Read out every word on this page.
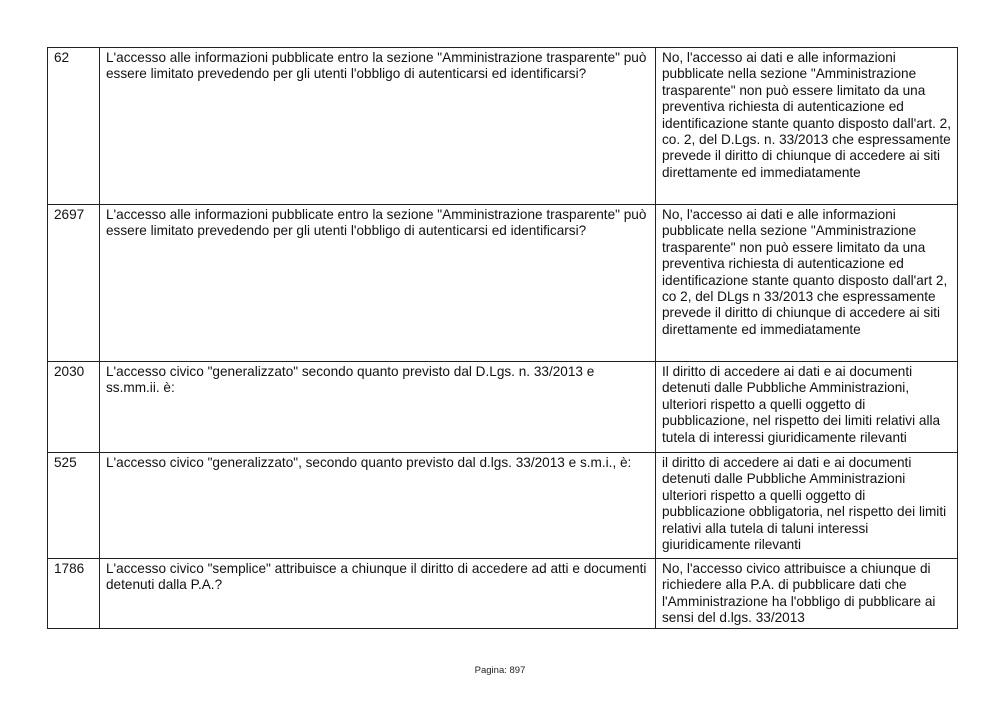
62	L'accesso alle informazioni pubblicate entro la sezione "Amministrazione trasparente" può essere limitato prevedendo per gli utenti l'obbligo di autenticarsi ed identificarsi?	No, l'accesso ai dati e alle informazioni pubblicate nella sezione "Amministrazione trasparente" non può essere limitato da una preventiva richiesta di autenticazione ed identificazione stante quanto disposto dall'art. 2, co. 2, del D.Lgs. n. 33/2013 che espressamente prevede il diritto di chiunque di accedere ai siti direttamente ed immediatamente
2697	L'accesso alle informazioni pubblicate entro la sezione "Amministrazione trasparente" può essere limitato prevedendo per gli utenti l'obbligo di autenticarsi ed identificarsi?	No, l'accesso ai dati e alle informazioni pubblicate nella sezione "Amministrazione trasparente" non può essere limitato da una preventiva richiesta di autenticazione ed identificazione stante quanto disposto dall'art 2, co 2, del DLgs n 33/2013 che espressamente prevede il diritto di chiunque di accedere ai siti direttamente ed immediatamente
2030	L'accesso civico "generalizzato" secondo quanto previsto dal D.Lgs. n. 33/2013 e ss.mm.ii. è:	Il diritto di accedere ai dati e ai documenti detenuti dalle Pubbliche Amministrazioni, ulteriori rispetto a quelli oggetto di pubblicazione, nel rispetto dei limiti relativi alla tutela di interessi giuridicamente rilevanti
525	L'accesso civico "generalizzato", secondo quanto previsto dal d.lgs. 33/2013 e s.m.i., è:	il diritto di accedere ai dati e ai documenti detenuti dalle Pubbliche Amministrazioni ulteriori rispetto a quelli oggetto di pubblicazione obbligatoria, nel rispetto dei limiti relativi alla tutela di taluni interessi giuridicamente rilevanti
1786	L'accesso civico "semplice" attribuisce a chiunque il diritto di accedere ad atti e documenti detenuti dalla P.A.?	No, l'accesso civico attribuisce a chiunque di richiedere alla P.A. di pubblicare dati che l'Amministrazione ha l'obbligo di pubblicare ai sensi del d.lgs. 33/2013
Pagina: 897
